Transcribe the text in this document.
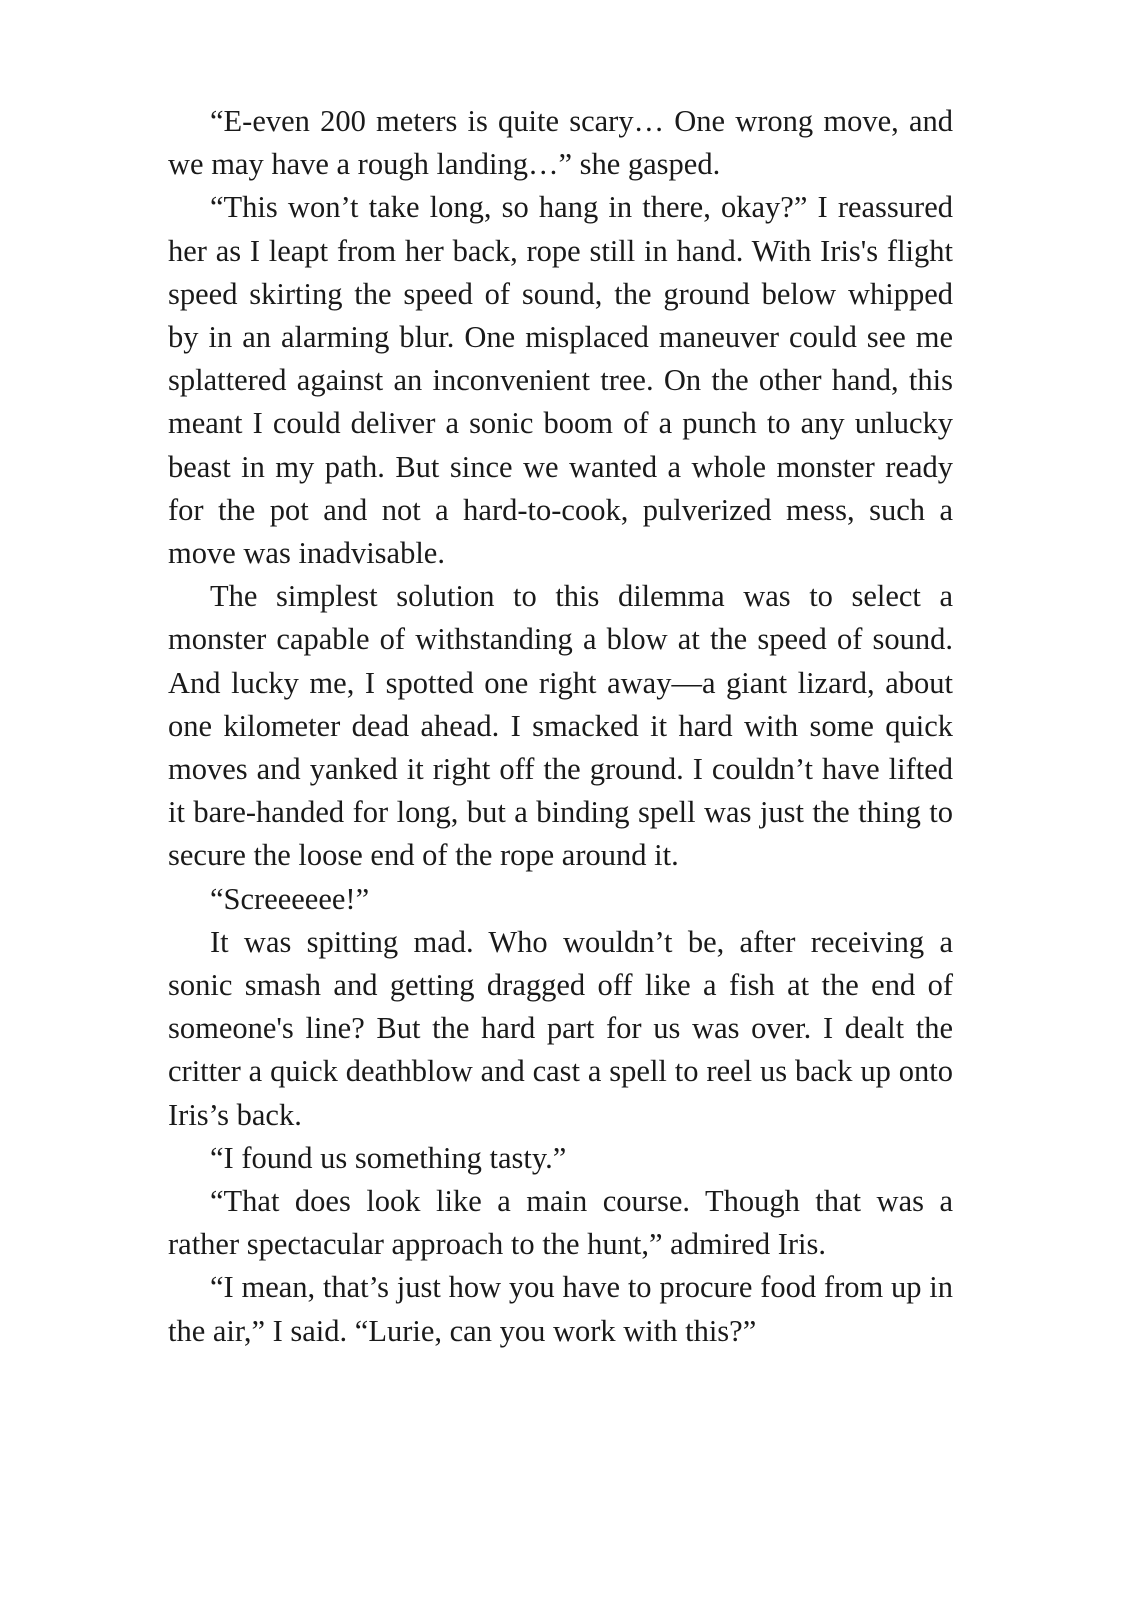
“E-even 200 meters is quite scary… One wrong move, and we may have a rough landing…” she gasped.

“This won’t take long, so hang in there, okay?” I reassured her as I leapt from her back, rope still in hand. With Iris's flight speed skirting the speed of sound, the ground below whipped by in an alarming blur. One misplaced maneuver could see me splattered against an inconvenient tree. On the other hand, this meant I could deliver a sonic boom of a punch to any unlucky beast in my path. But since we wanted a whole monster ready for the pot and not a hard-to-cook, pulverized mess, such a move was inadvisable.

The simplest solution to this dilemma was to select a monster capable of withstanding a blow at the speed of sound. And lucky me, I spotted one right away—a giant lizard, about one kilometer dead ahead. I smacked it hard with some quick moves and yanked it right off the ground. I couldn’t have lifted it bare-handed for long, but a binding spell was just the thing to secure the loose end of the rope around it.

“Screeeeee!”

It was spitting mad. Who wouldn’t be, after receiving a sonic smash and getting dragged off like a fish at the end of someone's line? But the hard part for us was over. I dealt the critter a quick deathblow and cast a spell to reel us back up onto Iris’s back.

“I found us something tasty.”

“That does look like a main course. Though that was a rather spectacular approach to the hunt,” admired Iris.

“I mean, that’s just how you have to procure food from up in the air,” I said. “Lurie, can you work with this?”
